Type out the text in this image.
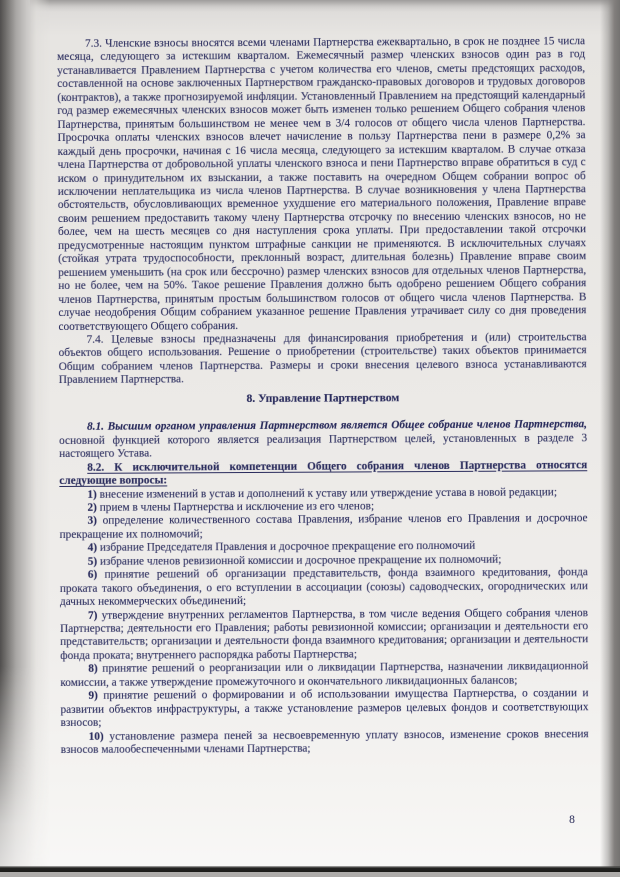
7.3. Членские взносы вносятся всеми членами Партнерства ежеквартально, в срок не позднее 15 числа месяца, следующего за истекшим кварталом. Ежемесячный размер членских взносов один раз в год устанавливается Правлением Партнерства с учетом количества его членов, сметы предстоящих расходов, составленной на основе заключенных Партнерством гражданско-правовых договоров и трудовых договоров (контрактов), а также прогнозируемой инфляции. Установленный Правлением на предстоящий календарный год размер ежемесячных членских взносов может быть изменен только решением Общего собрания членов Партнерства, принятым большинством не менее чем в 3/4 голосов от общего числа членов Партнерства. Просрочка оплаты членских взносов влечет начисление в пользу Партнерства пени в размере 0,2% за каждый день просрочки, начиная с 16 числа месяца, следующего за истекшим кварталом. В случае отказа члена Партнерства от добровольной уплаты членского взноса и пени Партнерство вправе обратиться в суд с иском о принудительном их взыскании, а также поставить на очередном Общем собрании вопрос об исключении неплательщика из числа членов Партнерства. В случае возникновения у члена Партнерства обстоятельств, обусловливающих временное ухудшение его материального положения, Правление вправе своим решением предоставить такому члену Партнерства отсрочку по внесению членских взносов, но не более, чем на шесть месяцев со дня наступления срока уплаты. При предоставлении такой отсрочки предусмотренные настоящим пунктом штрафные санкции не применяются. В исключительных случаях (стойкая утрата трудоспособности, преклонный возраст, длительная болезнь) Правление вправе своим решением уменьшить (на срок или бессрочно) размер членских взносов для отдельных членов Партнерства, но не более, чем на 50%. Такое решение Правления должно быть одобрено решением Общего собрания членов Партнерства, принятым простым большинством голосов от общего числа членов Партнерства. В случае неодобрения Общим собранием указанное решение Правления утрачивает силу со дня проведения соответствующего Общего собрания.

7.4. Целевые взносы предназначены для финансирования приобретения и (или) строительства объектов общего использования. Решение о приобретении (строительстве) таких объектов принимается Общим собранием членов Партнерства. Размеры и сроки внесения целевого взноса устанавливаются Правлением Партнерства.

8. Управление Партнерством

8.1. Высшим органом управления Партнерством является Общее собрание членов Партнерства, основной функцией которого является реализация Партнерством целей, установленных в разделе 3 настоящего Устава.

8.2. К исключительной компетенции Общего собрания членов Партнерства относятся следующие вопросы:

1) внесение изменений в устав и дополнений к уставу или утверждение устава в новой редакции;

2) прием в члены Партнерства и исключение из его членов;

3) определение количественного состава Правления, избрание членов его Правления и досрочное прекращение их полномочий;

4) избрание Председателя Правления и досрочное прекращение его полномочий

5) избрание членов ревизионной комиссии и досрочное прекращение их полномочий;

6) принятие решений об организации представительств, фонда взаимного кредитования, фонда проката такого объединения, о его вступлении в ассоциации (союзы) садоводческих, огороднических или дачных некоммерческих объединений;

7) утверждение внутренних регламентов Партнерства, в том числе ведения Общего собрания членов Партнерства; деятельности его Правления; работы ревизионной комиссии; организации и деятельности его представительств; организации и деятельности фонда взаимного кредитования; организации и деятельности фонда проката; внутреннего распорядка работы Партнерства;

8) принятие решений о реорганизации или о ликвидации Партнерства, назначении ликвидационной комиссии, а также утверждение промежуточного и окончательного ликвидационных балансов;

9) принятие решений о формировании и об использовании имущества Партнерства, о создании и развитии объектов инфраструктуры, а также установление размеров целевых фондов и соответствующих взносов;

10) установление размера пеней за несвоевременную уплату взносов, изменение сроков внесения взносов малообеспеченными членами Партнерства;

8
